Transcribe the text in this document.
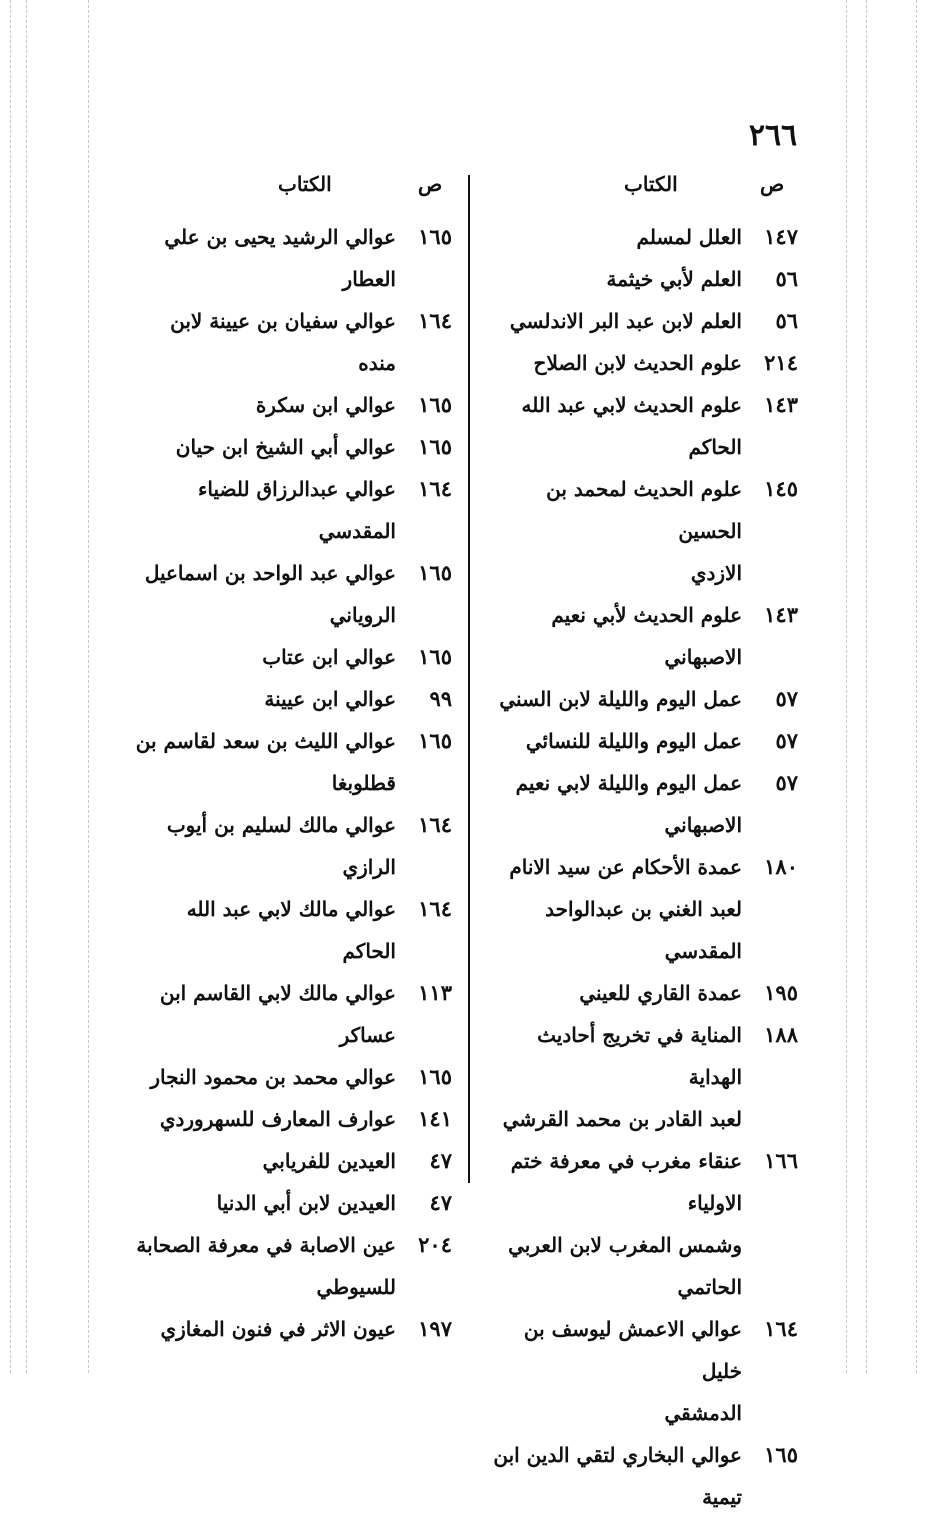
٢٦٦
ص
الكتاب
ص
الكتاب
١٤٧
العلل لمسلم
٥٦
العلم لأبي خيثمة
٥٦
العلم لابن عبد البر الاندلسي
٢١٤
علوم الحديث لابن الصلاح
١٤٣
علوم الحديث لابي عبد الله الحاكم
١٤٥
علوم الحديث لمحمد بن الحسين
الازدي
١٤٣
علوم الحديث لأبي نعيم الاصبهاني
٥٧
عمل اليوم والليلة لابن السني
٥٧
عمل اليوم والليلة للنسائي
٥٧
عمل اليوم والليلة لابي نعيم الاصبهاني
١٨٠
عمدة الأحكام عن سيد الانام
لعبد الغني بن عبدالواحد المقدسي
١٩٥
عمدة القاري للعيني
١٨٨
المناية في تخريج أحاديث الهداية
لعبد القادر بن محمد القرشي
١٦٦
عنقاء مغرب في معرفة ختم الاولياء
وشمس المغرب لابن العربي الحاتمي
١٦٤
عوالي الاعمش ليوسف بن خليل
الدمشقي
١٦٥
عوالي البخاري لتقي الدين ابن
تيمية
١٦٥
عوالي الرشيد يحيى بن علي العطار
١٦٤
عوالي سفيان بن عيينة لابن منده
١٦٥
عوالي ابن سكرة
١٦٥
عوالي أبي الشيخ ابن حيان
١٦٤
عوالي عبدالرزاق للضياء المقدسي
١٦٥
عوالي عبد الواحد بن اسماعيل
الروياني
١٦٥
عوالي ابن عتاب
٩٩
عوالي ابن عيينة
١٦٥
عوالي الليث بن سعد لقاسم بن
قطلوبغا
١٦٤
عوالي مالك لسليم بن أيوب الرازي
١٦٤
عوالي مالك لابي عبد الله الحاكم
١١٣
عوالي مالك لابي القاسم ابن
عساكر
١٦٥
عوالي محمد بن محمود النجار
١٤١
عوارف المعارف للسهروردي
٤٧
العيدين للفريابي
٤٧
العيدين لابن أبي الدنيا
٢٠٤
عين الاصابة في معرفة الصحابة
للسيوطي
١٩٧
عيون الاثر في فنون المغازي
